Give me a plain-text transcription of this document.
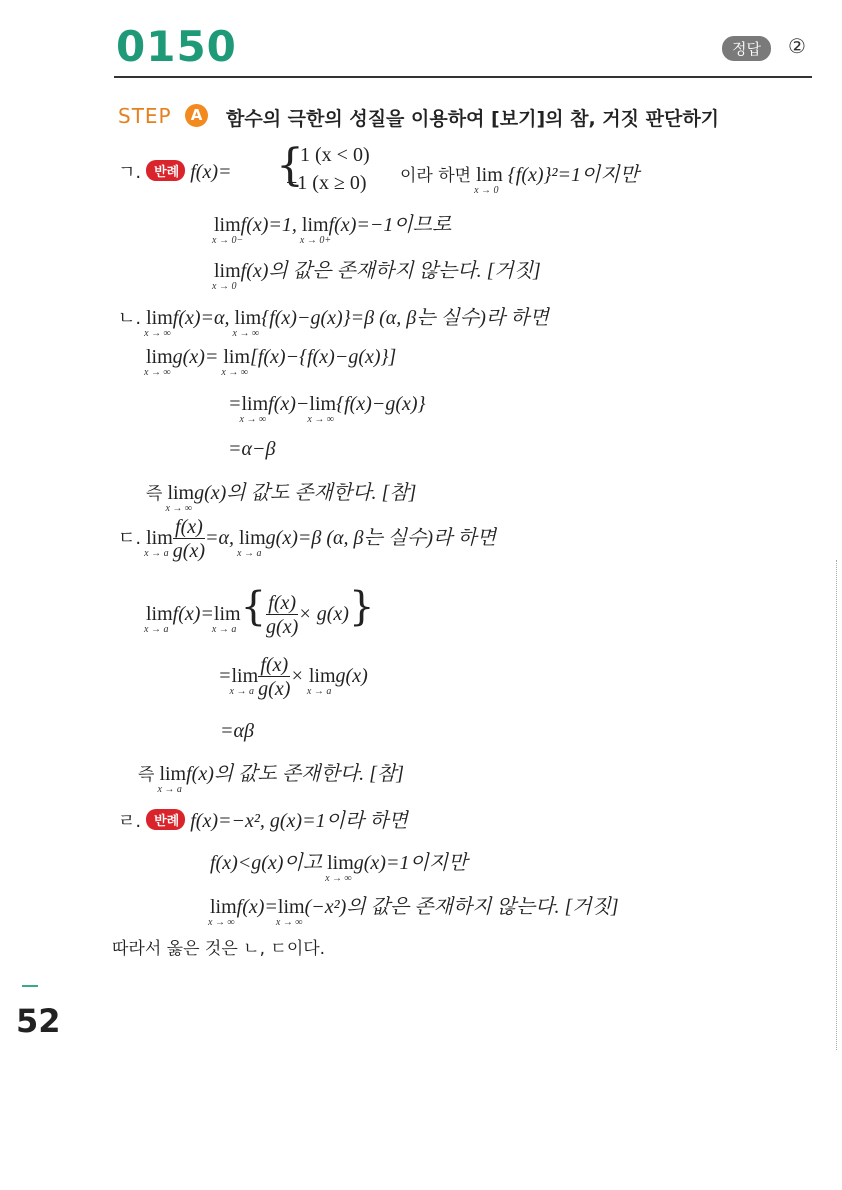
0150	정답	②
STEP	A	함수의 극한의 성질을 이용하여 [보기]의 참, 거짓 판단하기
ㄱ. 반례 f(x)= {
1 (x < 0)
−1 (x ≥ 0) 이라 하면 lim
x → 0
{f(x)}²=1이지만
lim
x → 0−
f(x)=1, lim
x → 0+
f(x)=−1이므로
lim
x → 0
f(x)의 값은 존재하지 않는다. [거짓]
ㄴ. lim
x → ∞
f(x)=α, lim
x → ∞
{f(x)−g(x)}=β (α, β는 실수)라 하면
lim
x → ∞
g(x)= lim
x → ∞
[f(x)−{f(x)−g(x)}]
=lim
x → ∞
f(x)−lim
x → ∞
{f(x)−g(x)}
=α−β
즉 lim
x → ∞
g(x)의 값도 존재한다. [참]
ㄷ. lim
x → a $\frac{f(x)}{g(x)} =\alpha$, lim
x → a
g(x)=β (α, β는 실수)라 하면
lim
x → a
f(x)=lim
x → a { $\frac{f(x)}{g(x)} \times g(x)$}
=lim
x → a $\frac{f(x)}{g(x)} \times \lim$
x → a
g(x)
=αβ
즉 lim
x → a
f(x)의 값도 존재한다. [참]
ㄹ. 반례 f(x)=−x², g(x)=1이라 하면
f(x)<g(x)이고 lim
x → ∞
g(x)=1이지만
lim
x → ∞
f(x)=lim
x → ∞
(−x²)의 값은 존재하지 않는다. [거짓]
따라서 옳은 것은 ㄴ, ㄷ이다.
52
